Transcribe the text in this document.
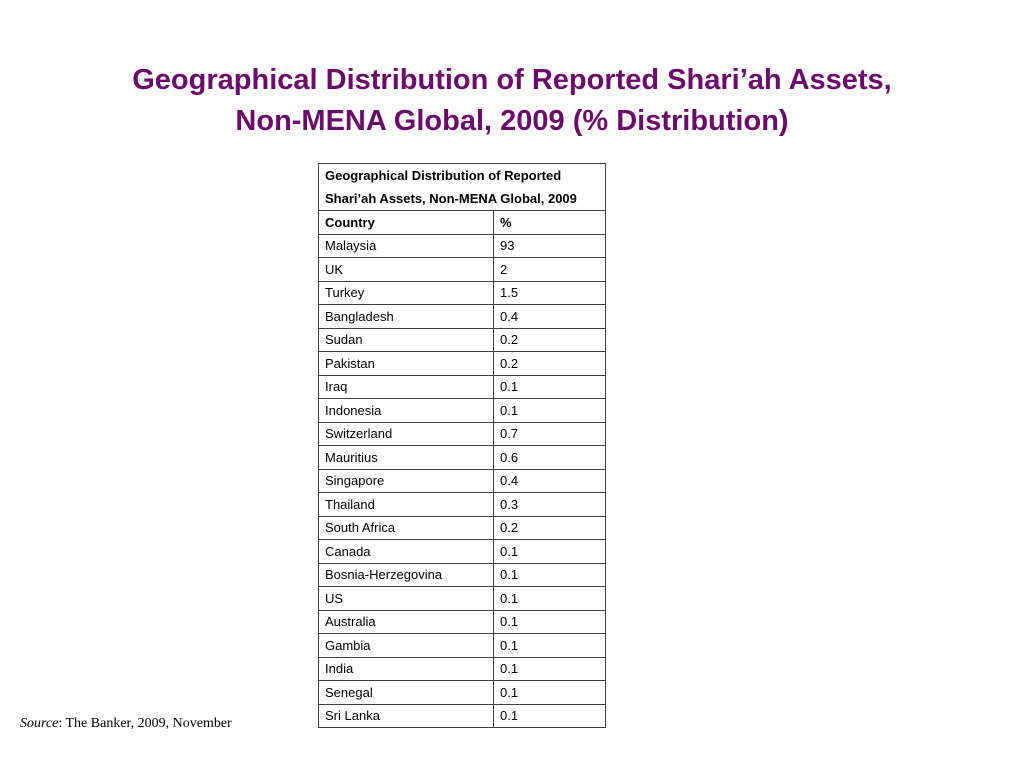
Geographical Distribution of Reported Shari’ah Assets,
Non-MENA Global, 2009 (% Distribution)
Geographical Distribution of Reported
Shari’ah Assets, Non-MENA Global, 2009	

Country	%
Malaysia	93
UK	2
Turkey	1.5
Bangladesh	0.4
Sudan	0.2
Pakistan	0.2
Iraq	0.1
Indonesia	0.1
Switzerland	0.7
Mauritius	0.6
Singapore	0.4
Thailand	0.3
South Africa	0.2
Canada	0.1
Bosnia-Herzegovina	0.1
US	0.1
Australia	0.1
Gambia	0.1
India	0.1
Senegal	0.1
Sri Lanka	0.1
Source: The Banker, 2009, November
